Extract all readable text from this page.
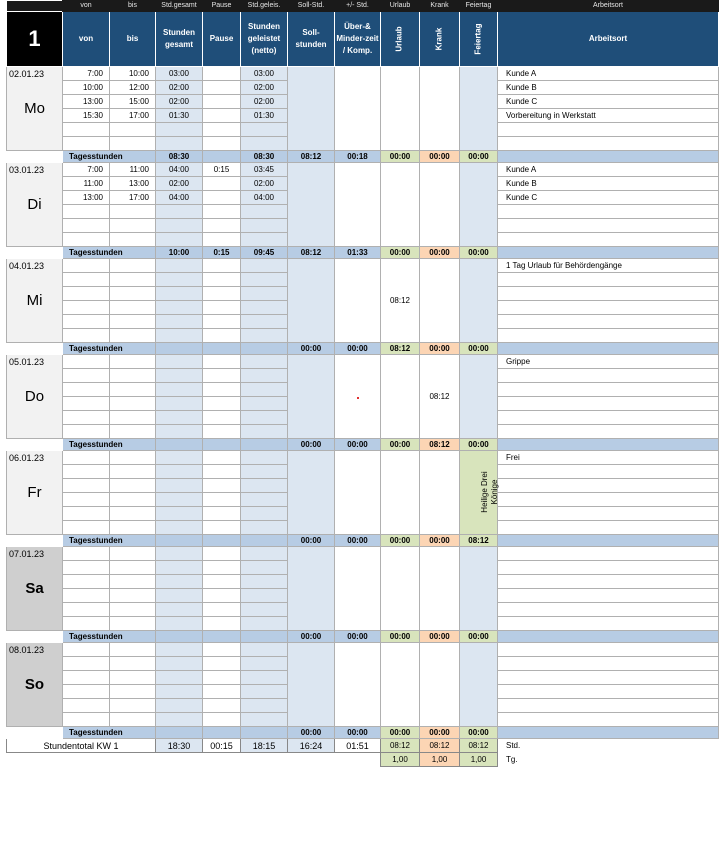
	von	bis	Std.gesamt	Pause	Std.geleis.	Soll-Std.	+/- Std.	Urlaub	Krank	Feiertag	Arbeitsort
1	von	bis	Stunden gesamt	Pause	Stunden geleistet (netto)	Soll-stunden	Über-& Minder-zeit / Komp.	Urlaub	Krank	Feiertag	Arbeitsort

02.01.23
Mo	7:00	10:00	03:00		03:00						Kunde A
	10:00	12:00	02:00		02:00						Kunde B
	13:00	15:00	02:00		02:00						Kunde C
	15:30	17:00	01:30		01:30						Vorbereitung in Werkstatt

	Tagesstunden		08:30		08:30	08:12	00:18	00:00	00:00	00:00	

03.01.23
Di	7:00	11:00	04:00	0:15	03:45						Kunde A
	11:00	13:00	02:00		02:00						Kunde B
	13:00	17:00	04:00		04:00						Kunde C

	Tagesstunden		10:00	0:15	09:45	08:12	01:33	00:00	00:00	00:00	

04.01.23
Mi								08:12			1 Tag Urlaub für Behördengänge

	Tagesstunden					00:00	00:00	08:12	00:00	00:00	

05.01.23
Do									08:12		Grippe

	Tagesstunden					00:00	00:00	00:00	08:12	00:00	

06.01.23
Fr										Heilige Drei Könige	Frei

	Tagesstunden					00:00	00:00	00:00	00:00	08:12	

07.01.23
Sa											

	Tagesstunden					00:00	00:00	00:00	00:00	00:00	

08.01.23
So											

	Tagesstunden					00:00	00:00	00:00	00:00	00:00	
Stundentotal KW 1			18:30	00:15	18:15	16:24	01:51	08:12	08:12	08:12	Std.
								1,00	1,00	1,00	Tg.
